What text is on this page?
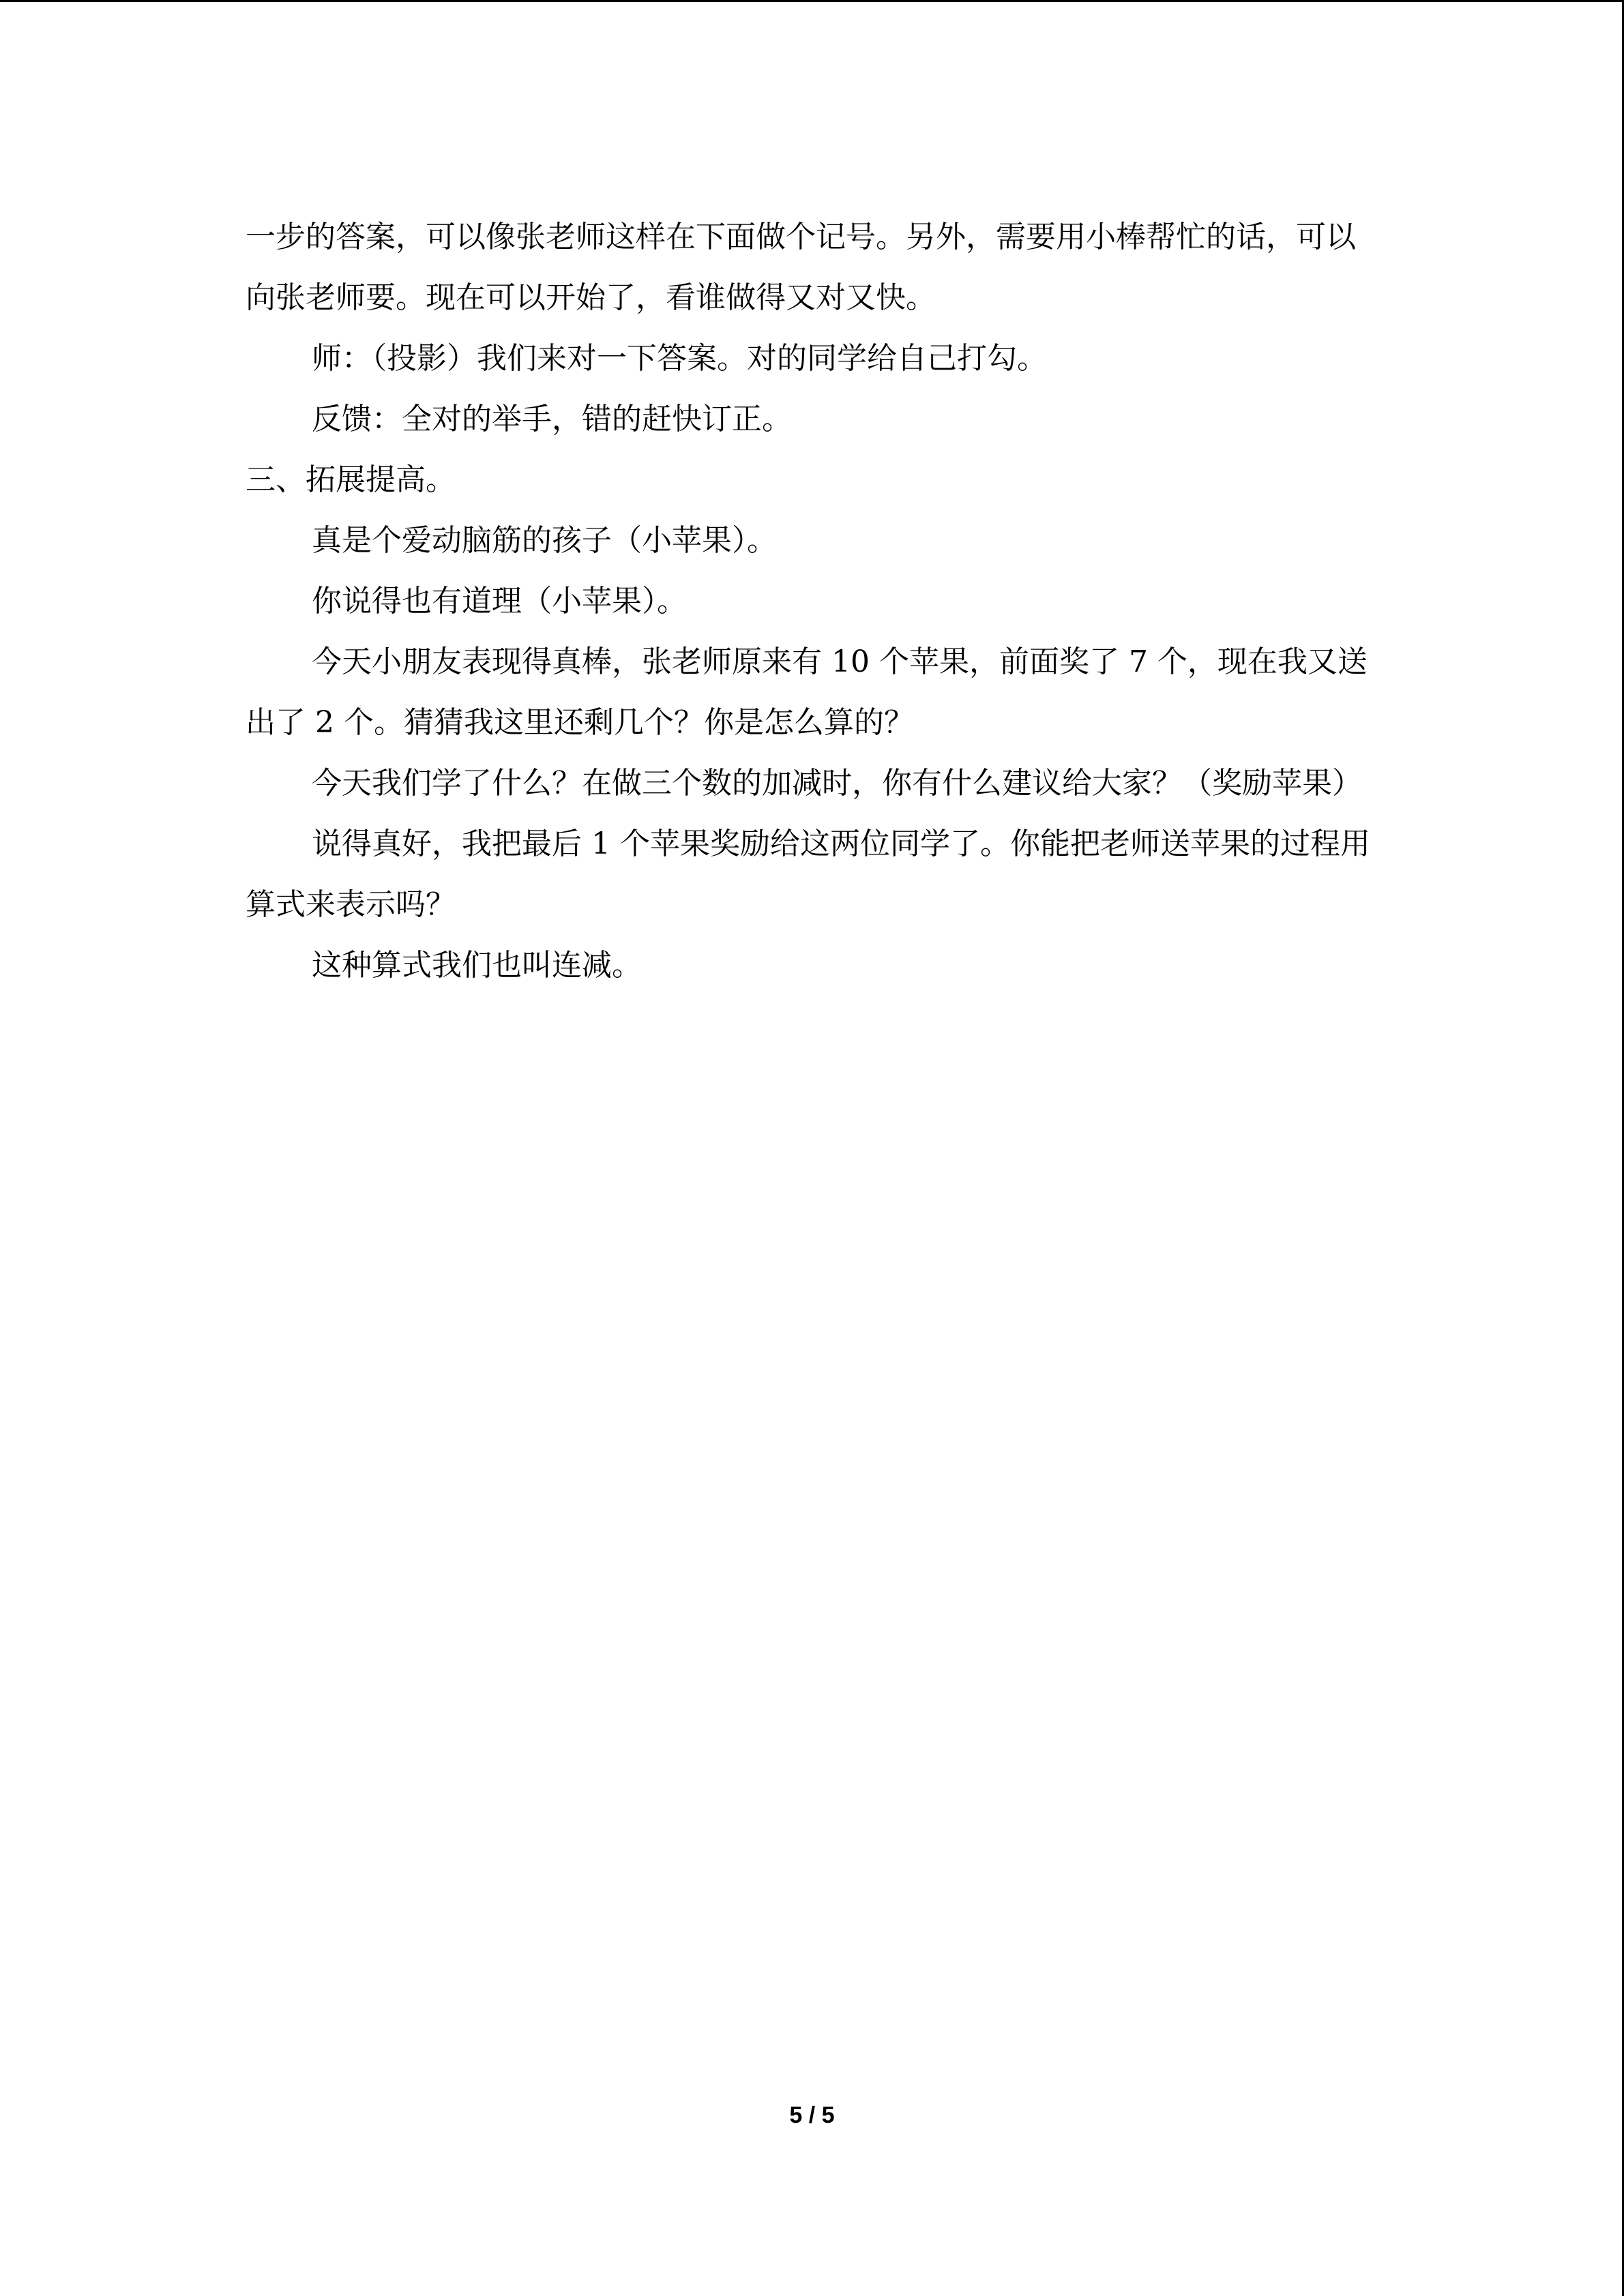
一步的答案，可以像张老师这样在下面做个记号。另外，需要用小棒帮忙的话，可以向张老师要。现在可以开始了，看谁做得又对又快。

师：（投影）我们来对一下答案。对的同学给自己打勾。

反馈：全对的举手，错的赶快订正。

三、拓展提高。

真是个爱动脑筋的孩子（小苹果）。

你说得也有道理（小苹果）。

今天小朋友表现得真棒，张老师原来有 10 个苹果，前面奖了 7 个，现在我又送出了 2 个。猜猜我这里还剩几个？你是怎么算的？

今天我们学了什么？在做三个数的加减时，你有什么建议给大家？（奖励苹果）

说得真好，我把最后 1 个苹果奖励给这两位同学了。你能把老师送苹果的过程用算式来表示吗？

这种算式我们也叫连减。

5 / 5
